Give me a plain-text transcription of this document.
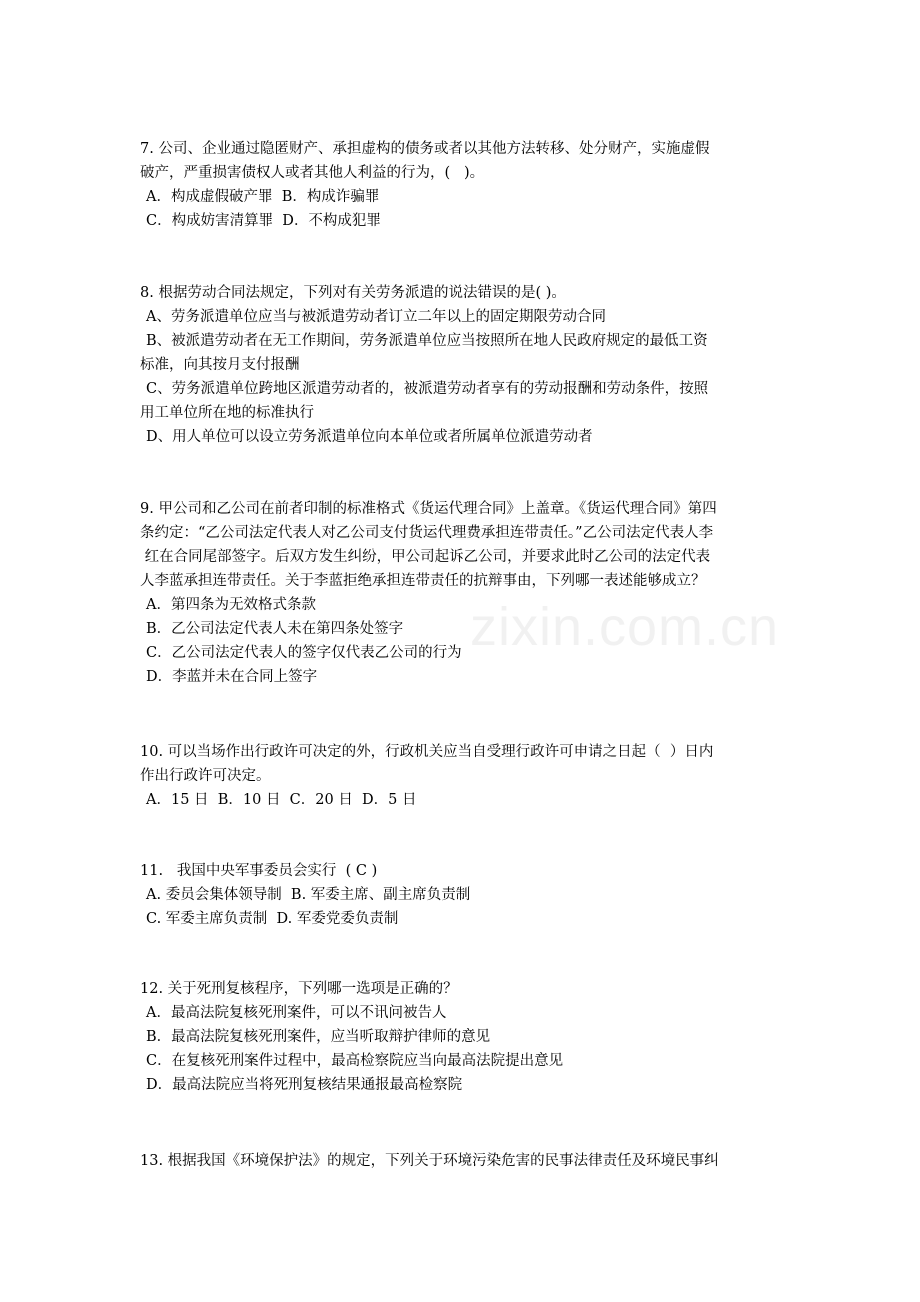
zixin.com.cn
7. 公司、企业通过隐匿财产、承担虚构的债务或者以其他方法转移、处分财产，实施虚假
破产，严重损害债权人或者其他人利益的行为，(   )。
A．构成虚假破产罪  B．构成诈骗罪
C．构成妨害清算罪  D．不构成犯罪
8. 根据劳动合同法规定，下列对有关劳务派遣的说法错误的是( )。
A、劳务派遣单位应当与被派遣劳动者订立二年以上的固定期限劳动合同
B、被派遣劳动者在无工作期间，劳务派遣单位应当按照所在地人民政府规定的最低工资
标准，向其按月支付报酬
C、劳务派遣单位跨地区派遣劳动者的，被派遣劳动者享有的劳动报酬和劳动条件，按照
用工单位所在地的标准执行
D、用人单位可以设立劳务派遣单位向本单位或者所属单位派遣劳动者
9. 甲公司和乙公司在前者印制的标准格式《货运代理合同》上盖章。《货运代理合同》第四
条约定：“乙公司法定代表人对乙公司支付货运代理费承担连带责任。”乙公司法定代表人李
红在合同尾部签字。后双方发生纠纷，甲公司起诉乙公司，并要求此时乙公司的法定代表
人李蓝承担连带责任。关于李蓝拒绝承担连带责任的抗辩事由，下列哪一表述能够成立？
A．第四条为无效格式条款
B．乙公司法定代表人未在第四条处签字
C．乙公司法定代表人的签字仅代表乙公司的行为
D．李蓝并未在合同上签字
10. 可以当场作出行政许可决定的外，行政机关应当自受理行政许可申请之日起（  ）日内
作出行政许可决定。
A．15 日  B．10 日  C．20 日  D．5 日
11.   我国中央军事委员会实行  ( C )
A. 委员会集体领导制  B. 军委主席、副主席负责制
C. 军委主席负责制  D. 军委党委负责制
12. 关于死刑复核程序，下列哪一选项是正确的？
A．最高法院复核死刑案件，可以不讯问被告人
B．最高法院复核死刑案件，应当听取辩护律师的意见
C．在复核死刑案件过程中，最高检察院应当向最高法院提出意见
D．最高法院应当将死刑复核结果通报最高检察院
13. 根据我国《环境保护法》的规定，下列关于环境污染危害的民事法律责任及环境民事纠
